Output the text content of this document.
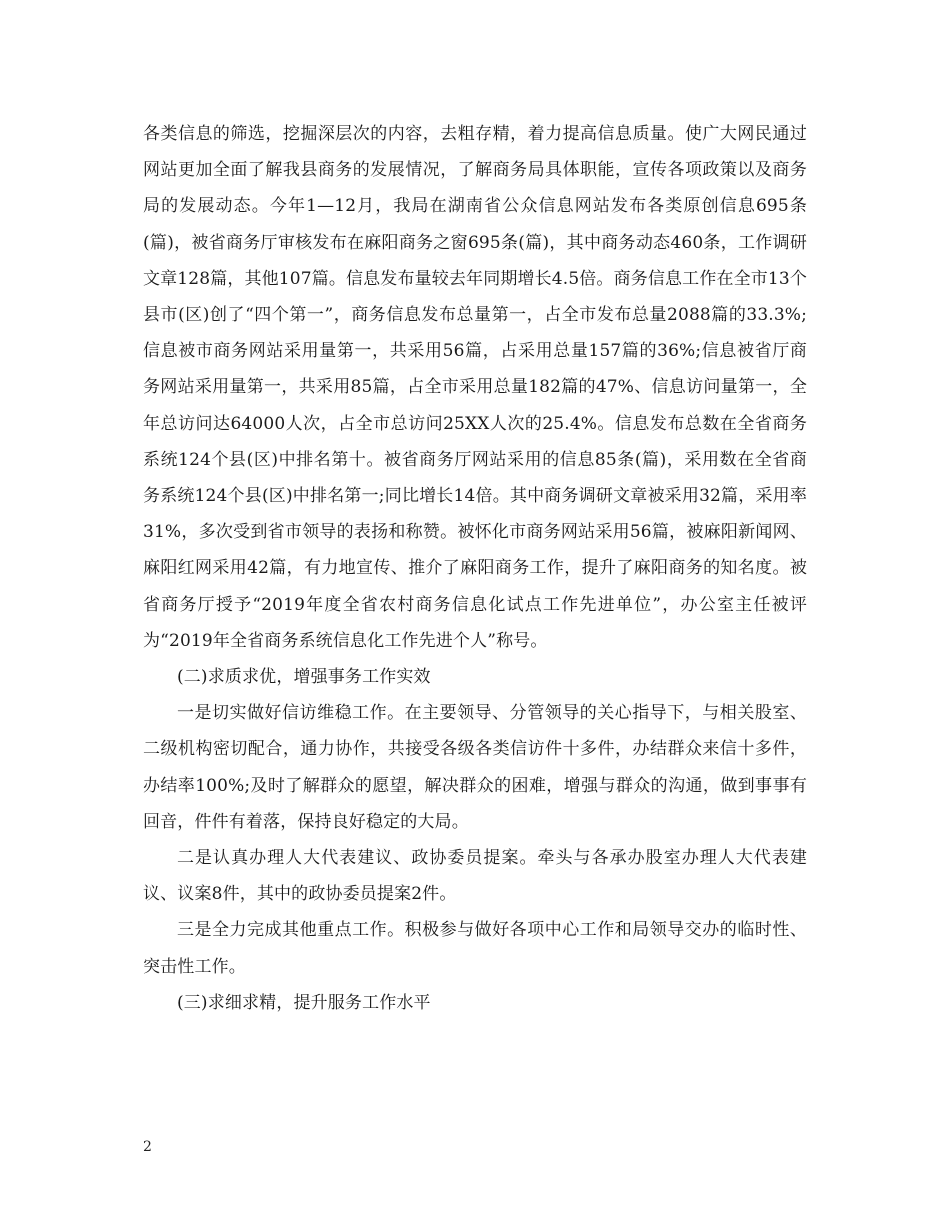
各类信息的筛选，挖掘深层次的内容，去粗存精，着力提高信息质量。使广大网民通过网站更加全面了解我县商务的发展情况，了解商务局具体职能，宣传各项政策以及商务局的发展动态。今年1—12月，我局在湖南省公众信息网站发布各类原创信息695条(篇)，被省商务厅审核发布在麻阳商务之窗695条(篇)，其中商务动态460条，工作调研文章128篇，其他107篇。信息发布量较去年同期增长4.5倍。商务信息工作在全市13个县市(区)创了“四个第一”，商务信息发布总量第一，占全市发布总量2088篇的33.3%;信息被市商务网站采用量第一，共采用56篇，占采用总量157篇的36%;信息被省厅商务网站采用量第一，共采用85篇，占全市采用总量182篇的47%、信息访问量第一，全年总访问达64000人次，占全市总访问25XX人次的25.4%。信息发布总数在全省商务系统124个县(区)中排名第十。被省商务厅网站采用的信息85条(篇)，采用数在全省商务系统124个县(区)中排名第一;同比增长14倍。其中商务调研文章被采用32篇，采用率31%，多次受到省市领导的表扬和称赞。被怀化市商务网站采用56篇，被麻阳新闻网、麻阳红网采用42篇，有力地宣传、推介了麻阳商务工作，提升了麻阳商务的知名度。被省商务厅授予“2019年度全省农村商务信息化试点工作先进单位”，办公室主任被评为“2019年全省商务系统信息化工作先进个人”称号。

(二)求质求优，增强事务工作实效

一是切实做好信访维稳工作。在主要领导、分管领导的关心指导下，与相关股室、二级机构密切配合，通力协作，共接受各级各类信访件十多件，办结群众来信十多件，办结率100%;及时了解群众的愿望，解决群众的困难，增强与群众的沟通，做到事事有回音，件件有着落，保持良好稳定的大局。

二是认真办理人大代表建议、政协委员提案。牵头与各承办股室办理人大代表建议、议案8件，其中的政协委员提案2件。

三是全力完成其他重点工作。积极参与做好各项中心工作和局领导交办的临时性、突击性工作。

(三)求细求精，提升服务工作水平

2
